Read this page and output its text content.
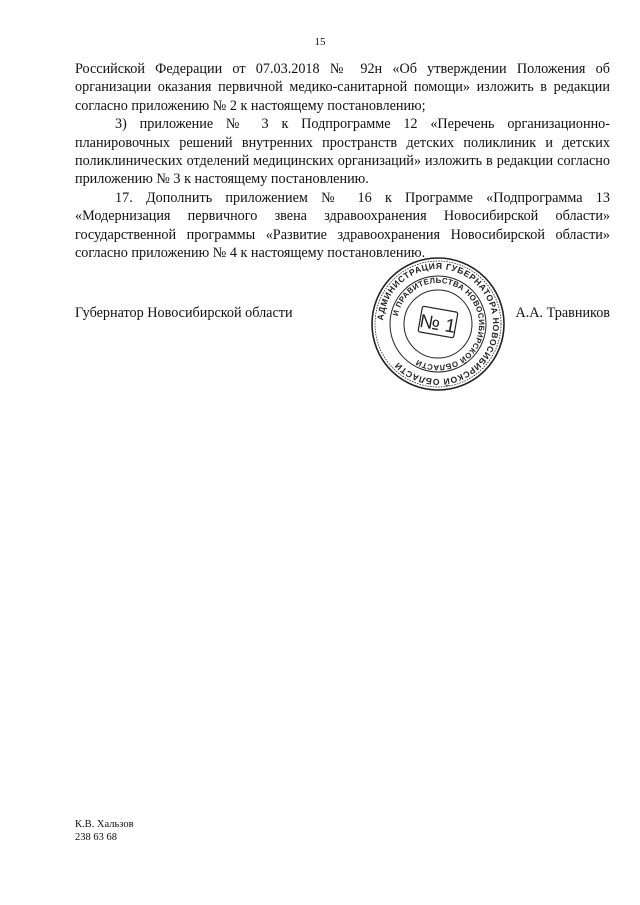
15

Российской Федерации от 07.03.2018 № 92н «Об утверждении Положения об организации оказания первичной медико-санитарной помощи» изложить в редакции согласно приложению № 2 к настоящему постановлению;

3) приложение № 3 к Подпрограмме 12 «Перечень организационно-планировочных решений внутренних пространств детских поликлиник и детских поликлинических отделений медицинских организаций» изложить в редакции согласно приложению № 3 к настоящему постановлению.

17. Дополнить приложением № 16 к Программе «Подпрограмма 13 «Модернизация первичного звена здравоохранения Новосибирской области» государственной программы «Развитие здравоохранения Новосибирской области» согласно приложению № 4 к настоящему постановлению.

Губернатор Новосибирской области	А.А. Травников
АДМИНИСТРАЦИЯ ГУБЕРНАТОРА НОВОСИБИРСКОЙ ОБЛАСТИ
И ПРАВИТЕЛЬСТВА НОВОСИБИРСКОЙ ОБЛАСТИ
№ 1
К.В. Хальзов
238 63 68
